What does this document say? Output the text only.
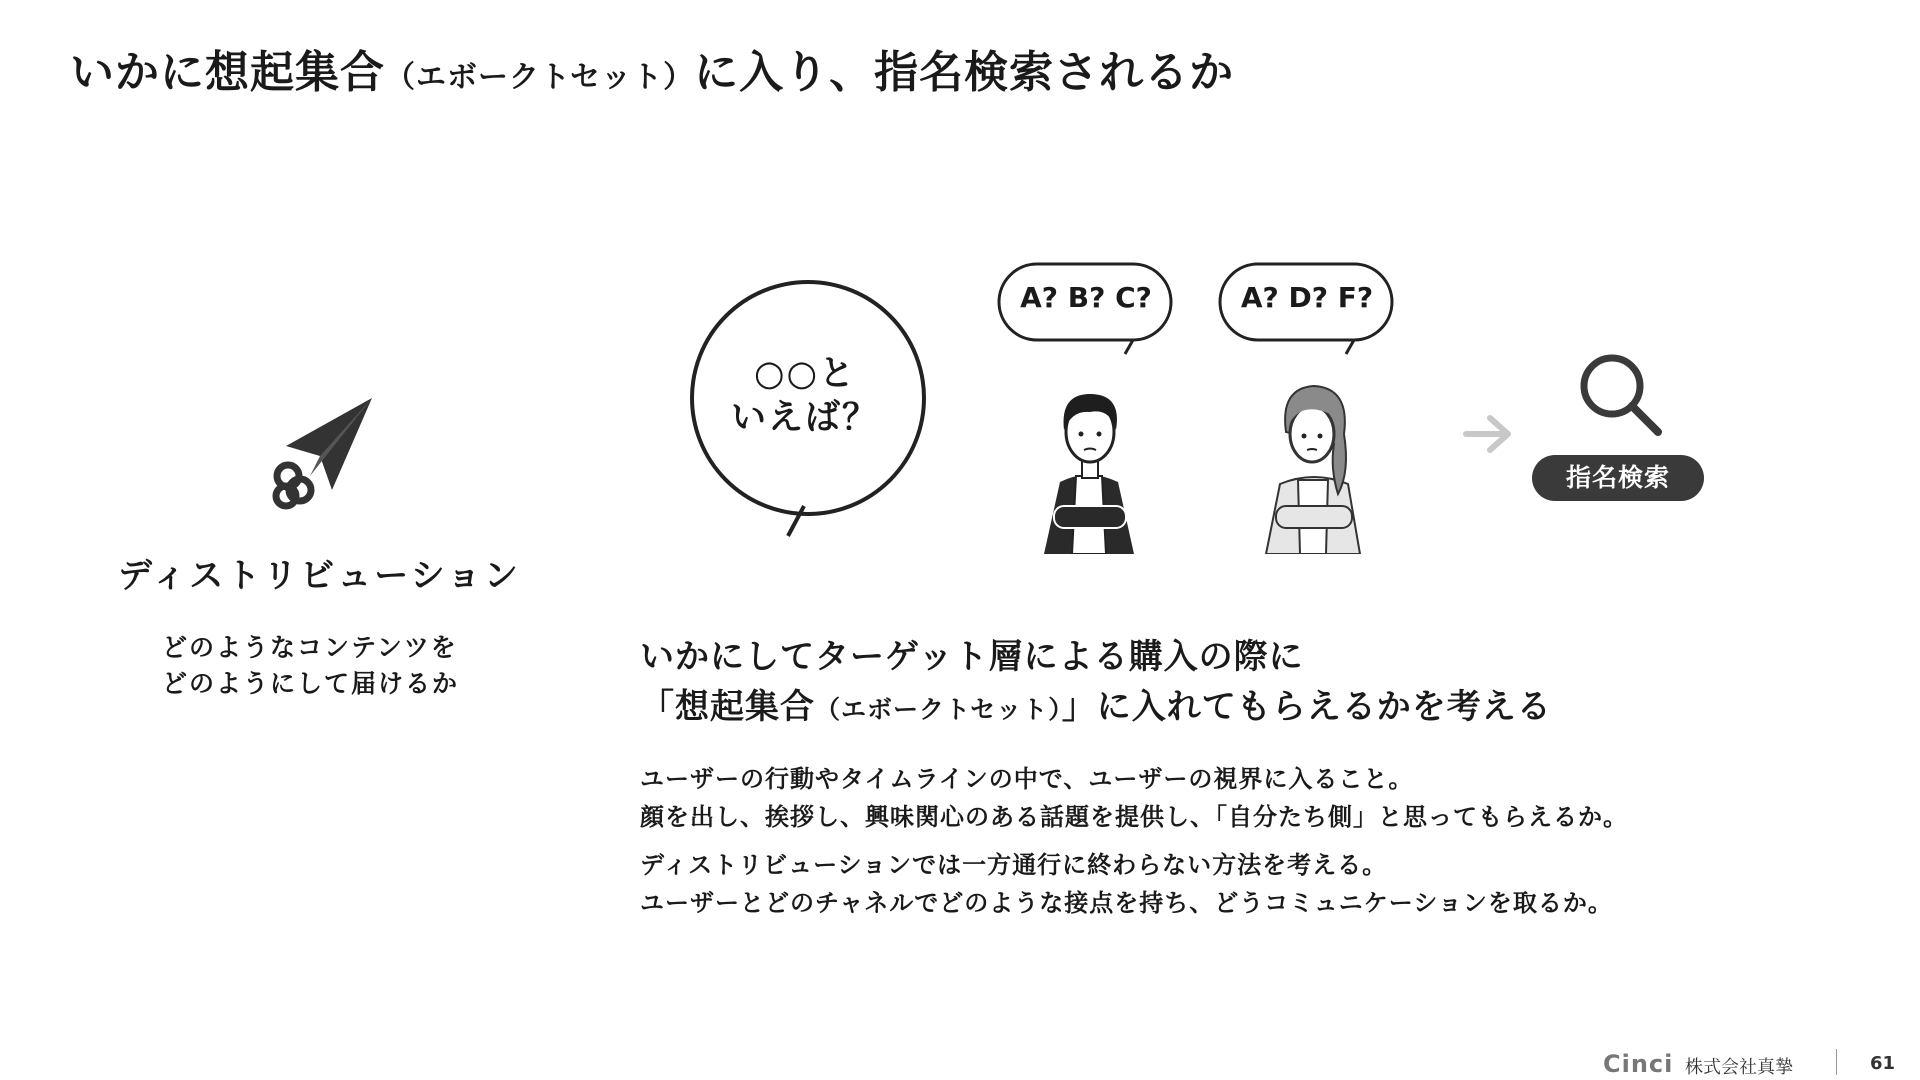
いかに想起集合（エボークトセット）に入り、指名検索されるか
ディストリビューション
どのようなコンテンツを
どのようにして届けるか
○○と
いえば？
A? B? C?	A? D? F?
指名検索
いかにしてターゲット層による購入の際に
「想起集合（エボークトセット）」に入れてもらえるかを考える
ユーザーの行動やタイムラインの中で、ユーザーの視界に入ること。
顔を出し、挨拶し、興味関心のある話題を提供し、「自分たち側」と思ってもらえるか。
ディストリビューションでは一方通行に終わらない方法を考える。
ユーザーとどのチャネルでどのような接点を持ち、どうコミュニケーションを取るか。
Cinci 株式会社真摯	61
